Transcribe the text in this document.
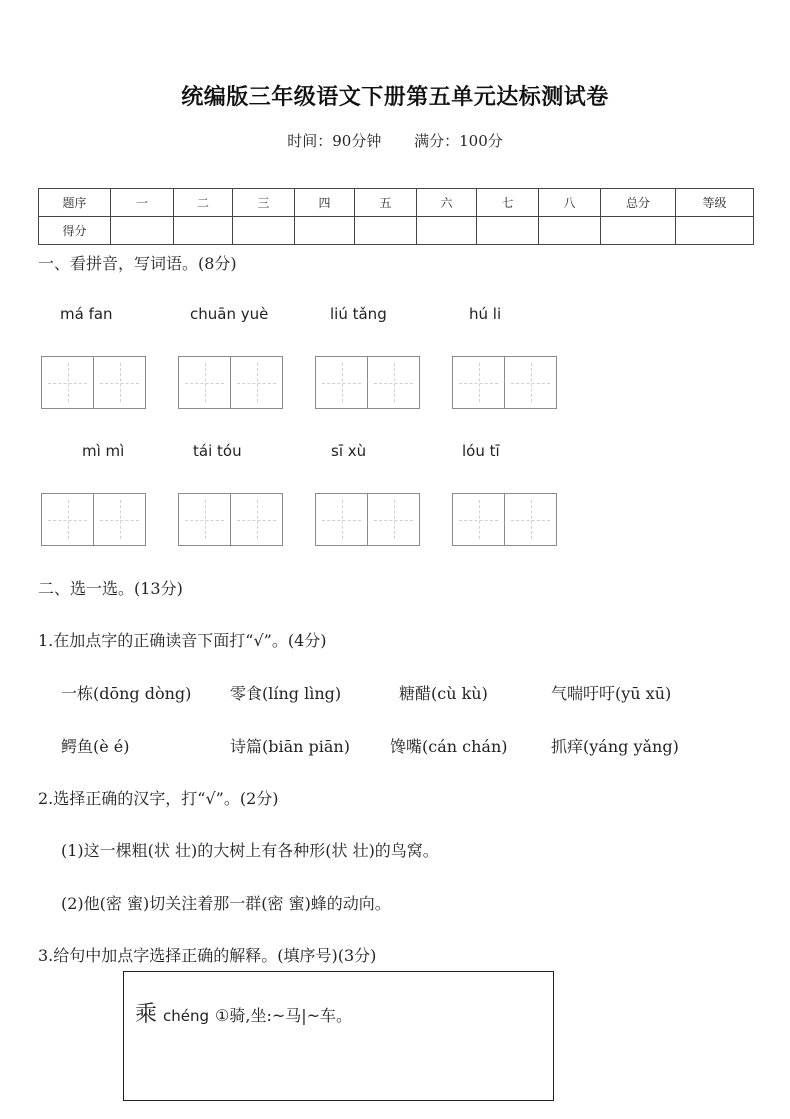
统编版三年级语文下册第五单元达标测试卷
时间：90分钟 满分：100分
题序	一	二	三	四	五	六	七	八	总分	等级
得分										
一、看拼音，写词语。(8分)
má fan	chuān yuè	liú tǎng	hú li
mì mì	tái tóu	sī xù	lóu tī
二、选一选。(13分)
1.在加点字的正确读音下面打“√”。(4分)
一栋(dōng dòng) 零食(líng lìng)	糖醋(cù kù)	气喘吁吁(yū xū)
鳄鱼(è é)	诗篇(biān piān)	馋嘴(cán chán)	抓痒(yáng yǎng)
2.选择正确的汉字，打“√”。(2分)
(1)这一棵粗(状 壮)的大树上有各种形(状 壮)的鸟窝。
(2)他(密 蜜)切关注着那一群(密 蜜)蜂的动向。
3.给句中加点字选择正确的解释。(填序号)(3分)
乘 chéng ①骑,坐:~马|~车。
